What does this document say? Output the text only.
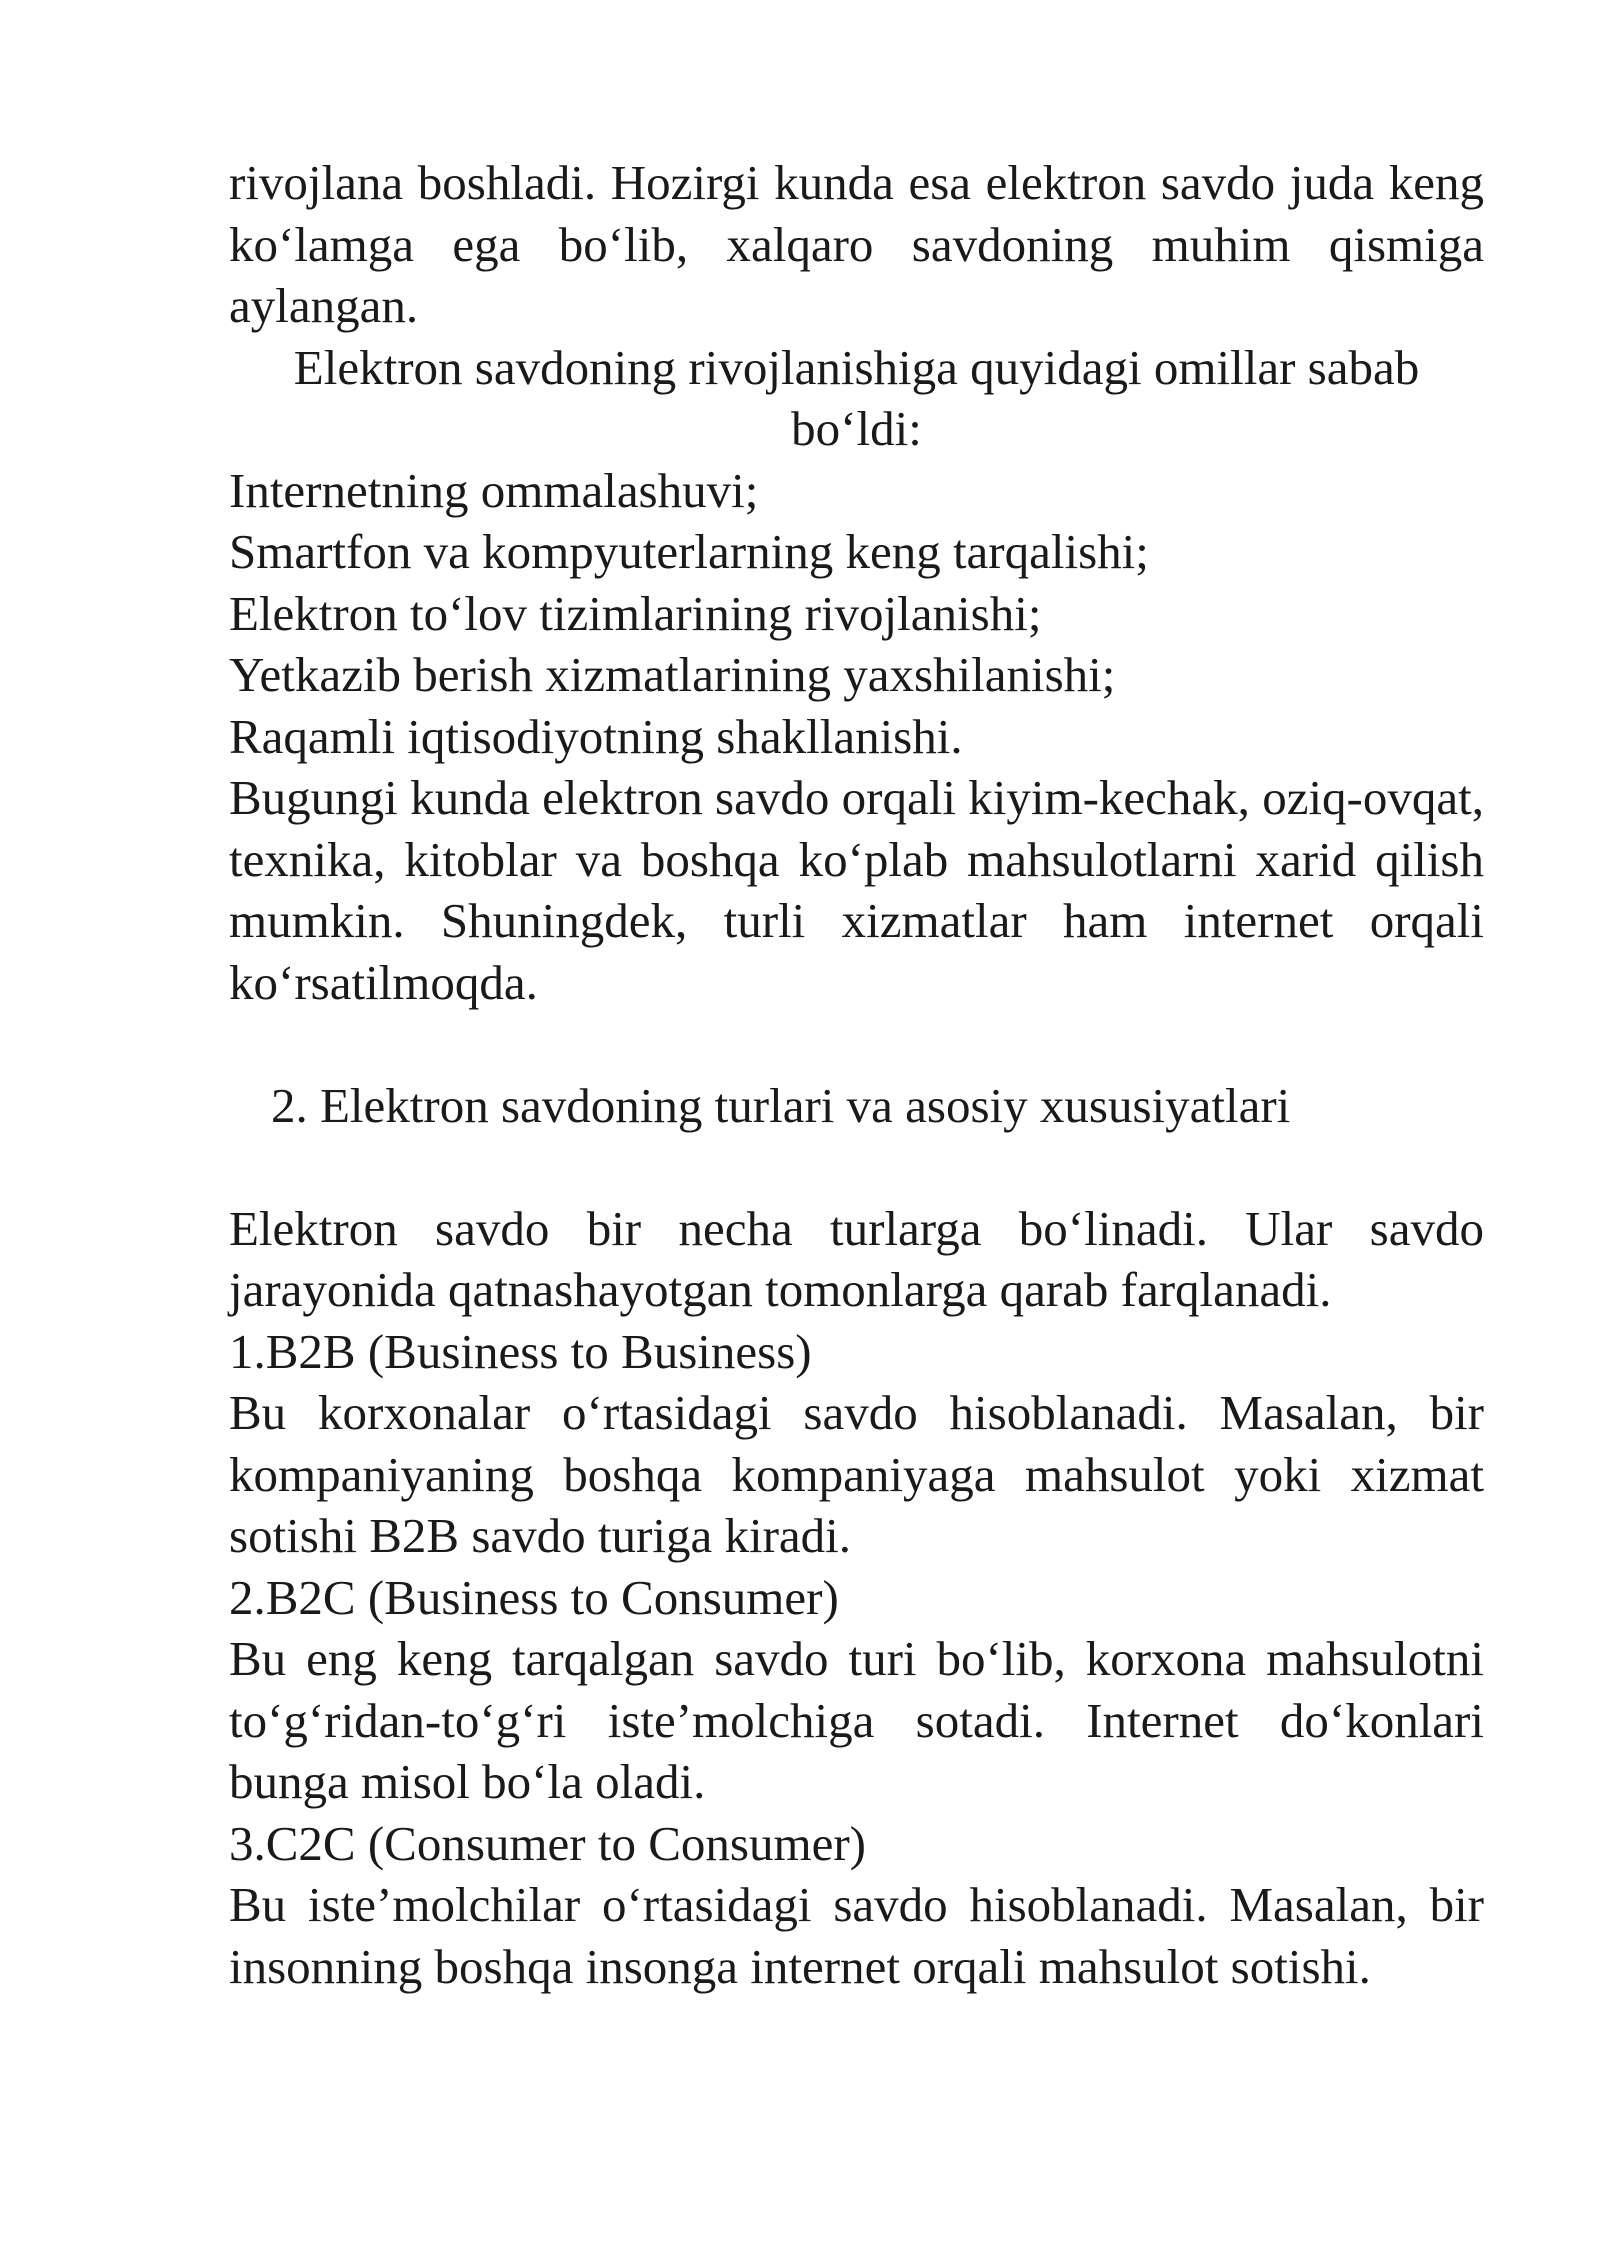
rivojlana boshladi. Hozirgi kunda esa elektron savdo juda keng ko‘lamga ega bo‘lib, xalqaro savdoning muhim qismiga aylangan.

Elektron savdoning rivojlanishiga quyidagi omillar sabab bo‘ldi:

Internetning ommalashuvi;

Smartfon va kompyuterlarning keng tarqalishi;

Elektron to‘lov tizimlarining rivojlanishi;

Yetkazib berish xizmatlarining yaxshilanishi;

Raqamli iqtisodiyotning shakllanishi.

Bugungi kunda elektron savdo orqali kiyim-kechak, oziq-ovqat, texnika, kitoblar va boshqa ko‘plab mahsulotlarni xarid qilish mumkin. Shuningdek, turli xizmatlar ham internet orqali ko‘rsatilmoqda.

2. Elektron savdoning turlari va asosiy xususiyatlari

Elektron savdo bir necha turlarga bo‘linadi. Ular savdo jarayonida qatnashayotgan tomonlarga qarab farqlanadi.

1.B2B (Business to Business)

Bu korxonalar o‘rtasidagi savdo hisoblanadi. Masalan, bir kompaniyaning boshqa kompaniyaga mahsulot yoki xizmat sotishi B2B savdo turiga kiradi.

2.B2C (Business to Consumer)

Bu eng keng tarqalgan savdo turi bo‘lib, korxona mahsulotni to‘g‘ridan-to‘g‘ri iste’molchiga sotadi. Internet do‘konlari bunga misol bo‘la oladi.

3.C2C (Consumer to Consumer)

Bu iste’molchilar o‘rtasidagi savdo hisoblanadi. Masalan, bir insonning boshqa insonga internet orqali mahsulot sotishi.
